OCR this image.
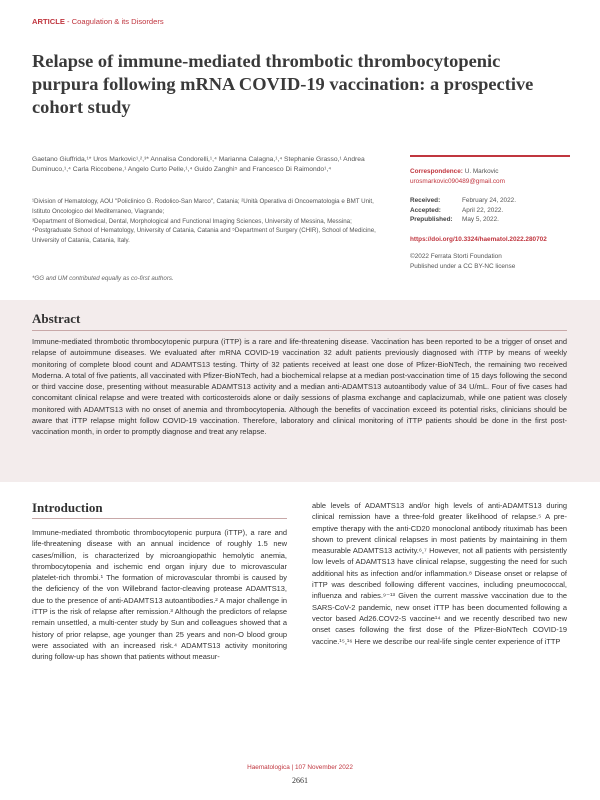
ARTICLE - Coagulation & its Disorders
Relapse of immune-mediated thrombotic thrombocytopenic purpura following mRNA COVID-19 vaccination: a prospective cohort study
Gaetano Giuffrida,¹* Uros Markovic¹,²,³* Annalisa Condorelli,¹,⁴ Marianna Calagna,¹,⁴ Stephanie Grasso,¹ Andrea Duminuco,¹,⁴ Carla Riccobene,¹ Angelo Curto Pelle,¹,⁴ Guido Zanghì⁵ and Francesco Di Raimondo¹,⁴

¹Division of Hematology, AOU "Policlinico G. Rodolico-San Marco", Catania; ²Unità Operativa di Oncoematologia e BMT Unit, Istituto Oncologico del Mediterraneo, Viagrande;

³Department of Biomedical, Dental, Morphological and Functional Imaging Sciences, University of Messina, Messina; ⁴Postgraduate School of Hematology, University of Catania, Catania and ⁵Department of Surgery (CHIR), School of Medicine, University of Catania, Catania, Italy.

*GG and UM contributed equally as co-first authors.
Correspondence: U. Markovic
urosmarkovic090489@gmail.com
Received:	February 24, 2022.
Accepted:	April 22, 2022.
Prepublished:	May 5, 2022.
https://doi.org/10.3324/haematol.2022.280702
©2022 Ferrata Storti Foundation
Published under a CC BY-NC license
Abstract

Immune-mediated thrombotic thrombocytopenic purpura (iTTP) is a rare and life-threatening disease. Vaccination has been reported to be a trigger of onset and relapse of autoimmune diseases. We evaluated after mRNA COVID-19 vaccination 32 adult patients previously diagnosed with iTTP by means of weekly monitoring of complete blood count and ADAMTS13 testing. Thirty of 32 patients received at least one dose of Pfizer-BioNTech, the remaining two received Moderna. A total of five patients, all vaccinated with Pfizer-BioNTech, had a biochemical relapse at a median post-vaccination time of 15 days following the second or third vaccine dose, presenting without measurable ADAMTS13 activity and a median anti-ADAMTS13 autoantibody value of 34 U/mL. Four of five cases had concomitant clinical relapse and were treated with corticosteroids alone or daily sessions of plasma exchange and caplacizumab, while one patient was closely monitored with ADAMTS13 with no onset of anemia and thrombocytopenia. Although the benefits of vaccination exceed its potential risks, clinicians should be aware that iTTP relapse might follow COVID-19 vaccination. Therefore, laboratory and clinical monitoring of iTTP patients should be done in the first post-vaccination month, in order to promptly diagnose and treat any relapse.

Introduction

Immune-mediated thrombotic thrombocytopenic purpura (iTTP), a rare and life-threatening disease with an annual incidence of roughly 1.5 new cases/million, is characterized by microangiopathic hemolytic anemia, thrombocytopenia and ischemic end organ injury due to microvascular platelet-rich thrombi.¹ The formation of microvascular thrombi is caused by the deficiency of the von Willebrand factor-cleaving protease ADAMTS13, due to the presence of anti-ADAMTS13 autoantibodies.² A major challenge in iTTP is the risk of relapse after remission.³ Although the predictors of relapse remain unsettled, a multi-center study by Sun and colleagues showed that a history of prior relapse, age younger than 25 years and non-O blood group were associated with an increased risk.⁴ ADAMTS13 activity monitoring during follow-up has shown that patients without measur-

able levels of ADAMTS13 and/or high levels of anti-ADAMTS13 during clinical remission have a three-fold greater likelihood of relapse.⁵ A pre-emptive therapy with the anti-CD20 monoclonal antibody rituximab has been shown to prevent clinical relapses in most patients by maintaining in them measurable ADAMTS13 activity.⁶,⁷ However, not all patients with persistently low levels of ADAMTS13 have clinical relapse, suggesting the need for such additional hits as infection and/or inflammation.⁸ Disease onset or relapse of iTTP was described following different vaccines, including pneumococcal, influenza and rabies.⁹⁻¹³ Given the current massive vaccination due to the SARS-CoV-2 pandemic, new onset iTTP has been documented following a vector based Ad26.COV2-S vaccine¹⁴ and we recently described two new onset cases following the first dose of the Pfizer-BioNTech COVID-19 vaccine.¹⁵,¹⁶ Here we describe our real-life single center experience of iTTP

Haematologica | 107 November 2022
2661
